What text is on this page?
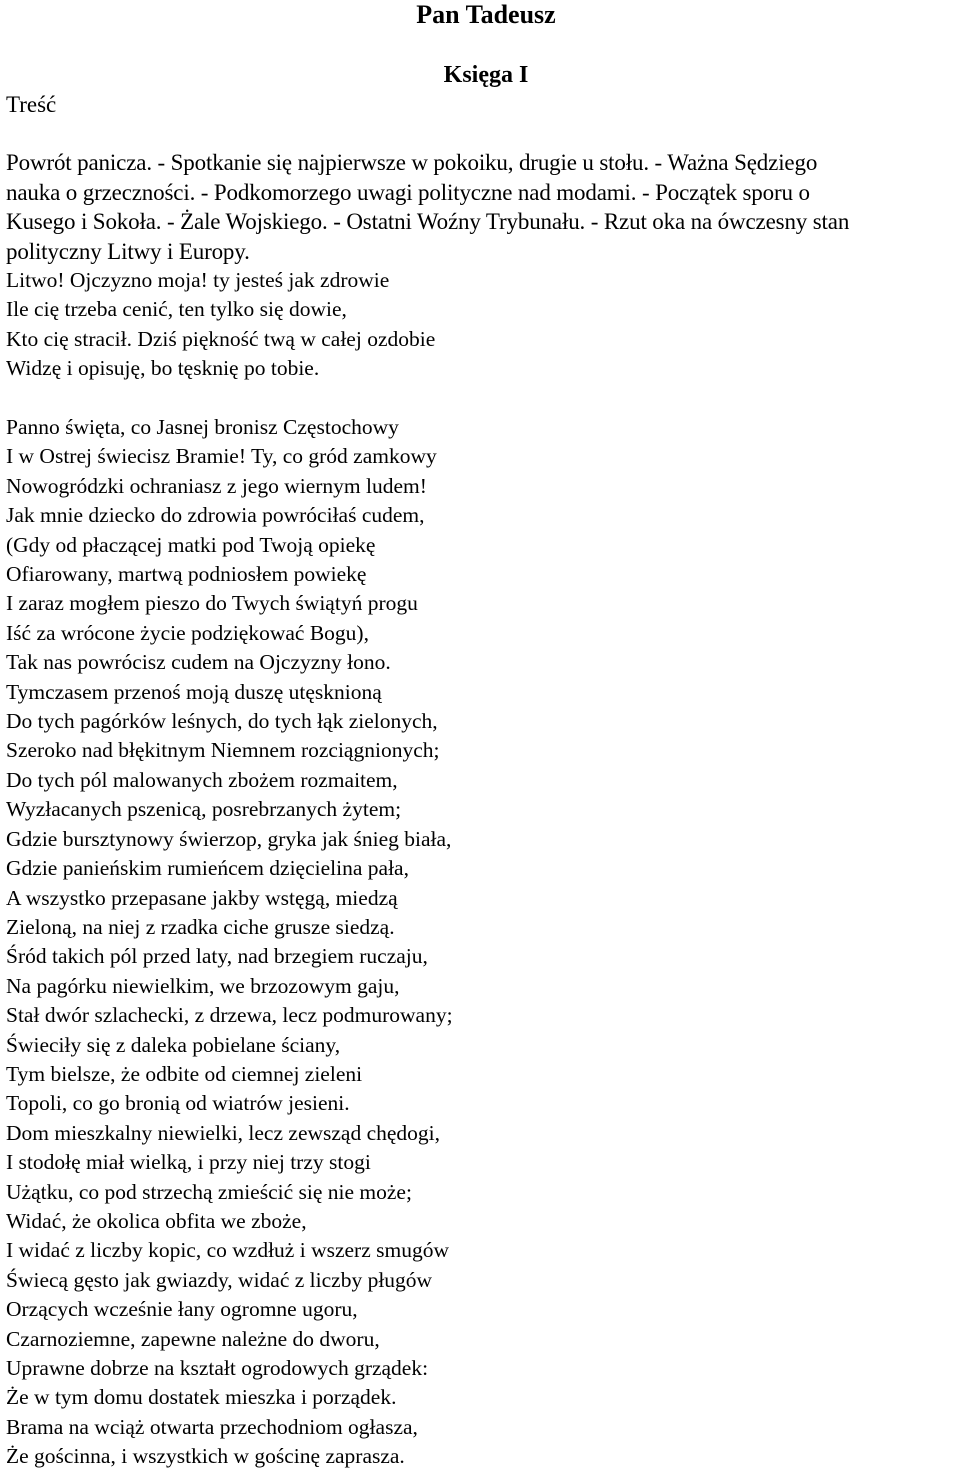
Pan Tadeusz
Księga I
Treść
Powrót panicza. - Spotkanie się najpierwsze w pokoiku, drugie u stołu. - Ważna Sędziego
nauka o grzeczności. - Podkomorzego uwagi polityczne nad modami. - Początek sporu o
Kusego i Sokoła. - Żale Wojskiego. - Ostatni Woźny Trybunału. - Rzut oka na ówczesny stan
polityczny Litwy i Europy.
Litwo! Ojczyzno moja! ty jesteś jak zdrowie
Ile cię trzeba cenić, ten tylko się dowie,
Kto cię stracił. Dziś piękność twą w całej ozdobie
Widzę i opisuję, bo tęsknię po tobie.
Panno święta, co Jasnej bronisz Częstochowy
I w Ostrej świecisz Bramie! Ty, co gród zamkowy
Nowogródzki ochraniasz z jego wiernym ludem!
Jak mnie dziecko do zdrowia powróciłaś cudem,
(Gdy od płaczącej matki pod Twoją opiekę
Ofiarowany, martwą podniosłem powiekę
I zaraz mogłem pieszo do Twych świątyń progu
Iść za wrócone życie podziękować Bogu),
Tak nas powrócisz cudem na Ojczyzny łono.
Tymczasem przenoś moją duszę utęsknioną
Do tych pagórków leśnych, do tych łąk zielonych,
Szeroko nad błękitnym Niemnem rozciągnionych;
Do tych pól malowanych zbożem rozmaitem,
Wyzłacanych pszenicą, posrebrzanych żytem;
Gdzie bursztynowy świerzop, gryka jak śnieg biała,
Gdzie panieńskim rumieńcem dzięcielina pała,
A wszystko przepasane jakby wstęgą, miedzą
Zieloną, na niej z rzadka ciche grusze siedzą.
Śród takich pól przed laty, nad brzegiem ruczaju,
Na pagórku niewielkim, we brzozowym gaju,
Stał dwór szlachecki, z drzewa, lecz podmurowany;
Świeciły się z daleka pobielane ściany,
Tym bielsze, że odbite od ciemnej zieleni
Topoli, co go bronią od wiatrów jesieni.
Dom mieszkalny niewielki, lecz zewsząd chędogi,
I stodołę miał wielką, i przy niej trzy stogi
Użątku, co pod strzechą zmieścić się nie może;
Widać, że okolica obfita we zboże,
I widać z liczby kopic, co wzdłuż i wszerz smugów
Świecą gęsto jak gwiazdy, widać z liczby pługów
Orzących wcześnie łany ogromne ugoru,
Czarnoziemne, zapewne należne do dworu,
Uprawne dobrze na kształt ogrodowych grządek:
Że w tym domu dostatek mieszka i porządek.
Brama na wciąż otwarta przechodniom ogłasza,
Że gościnna, i wszystkich w gościnę zaprasza.
